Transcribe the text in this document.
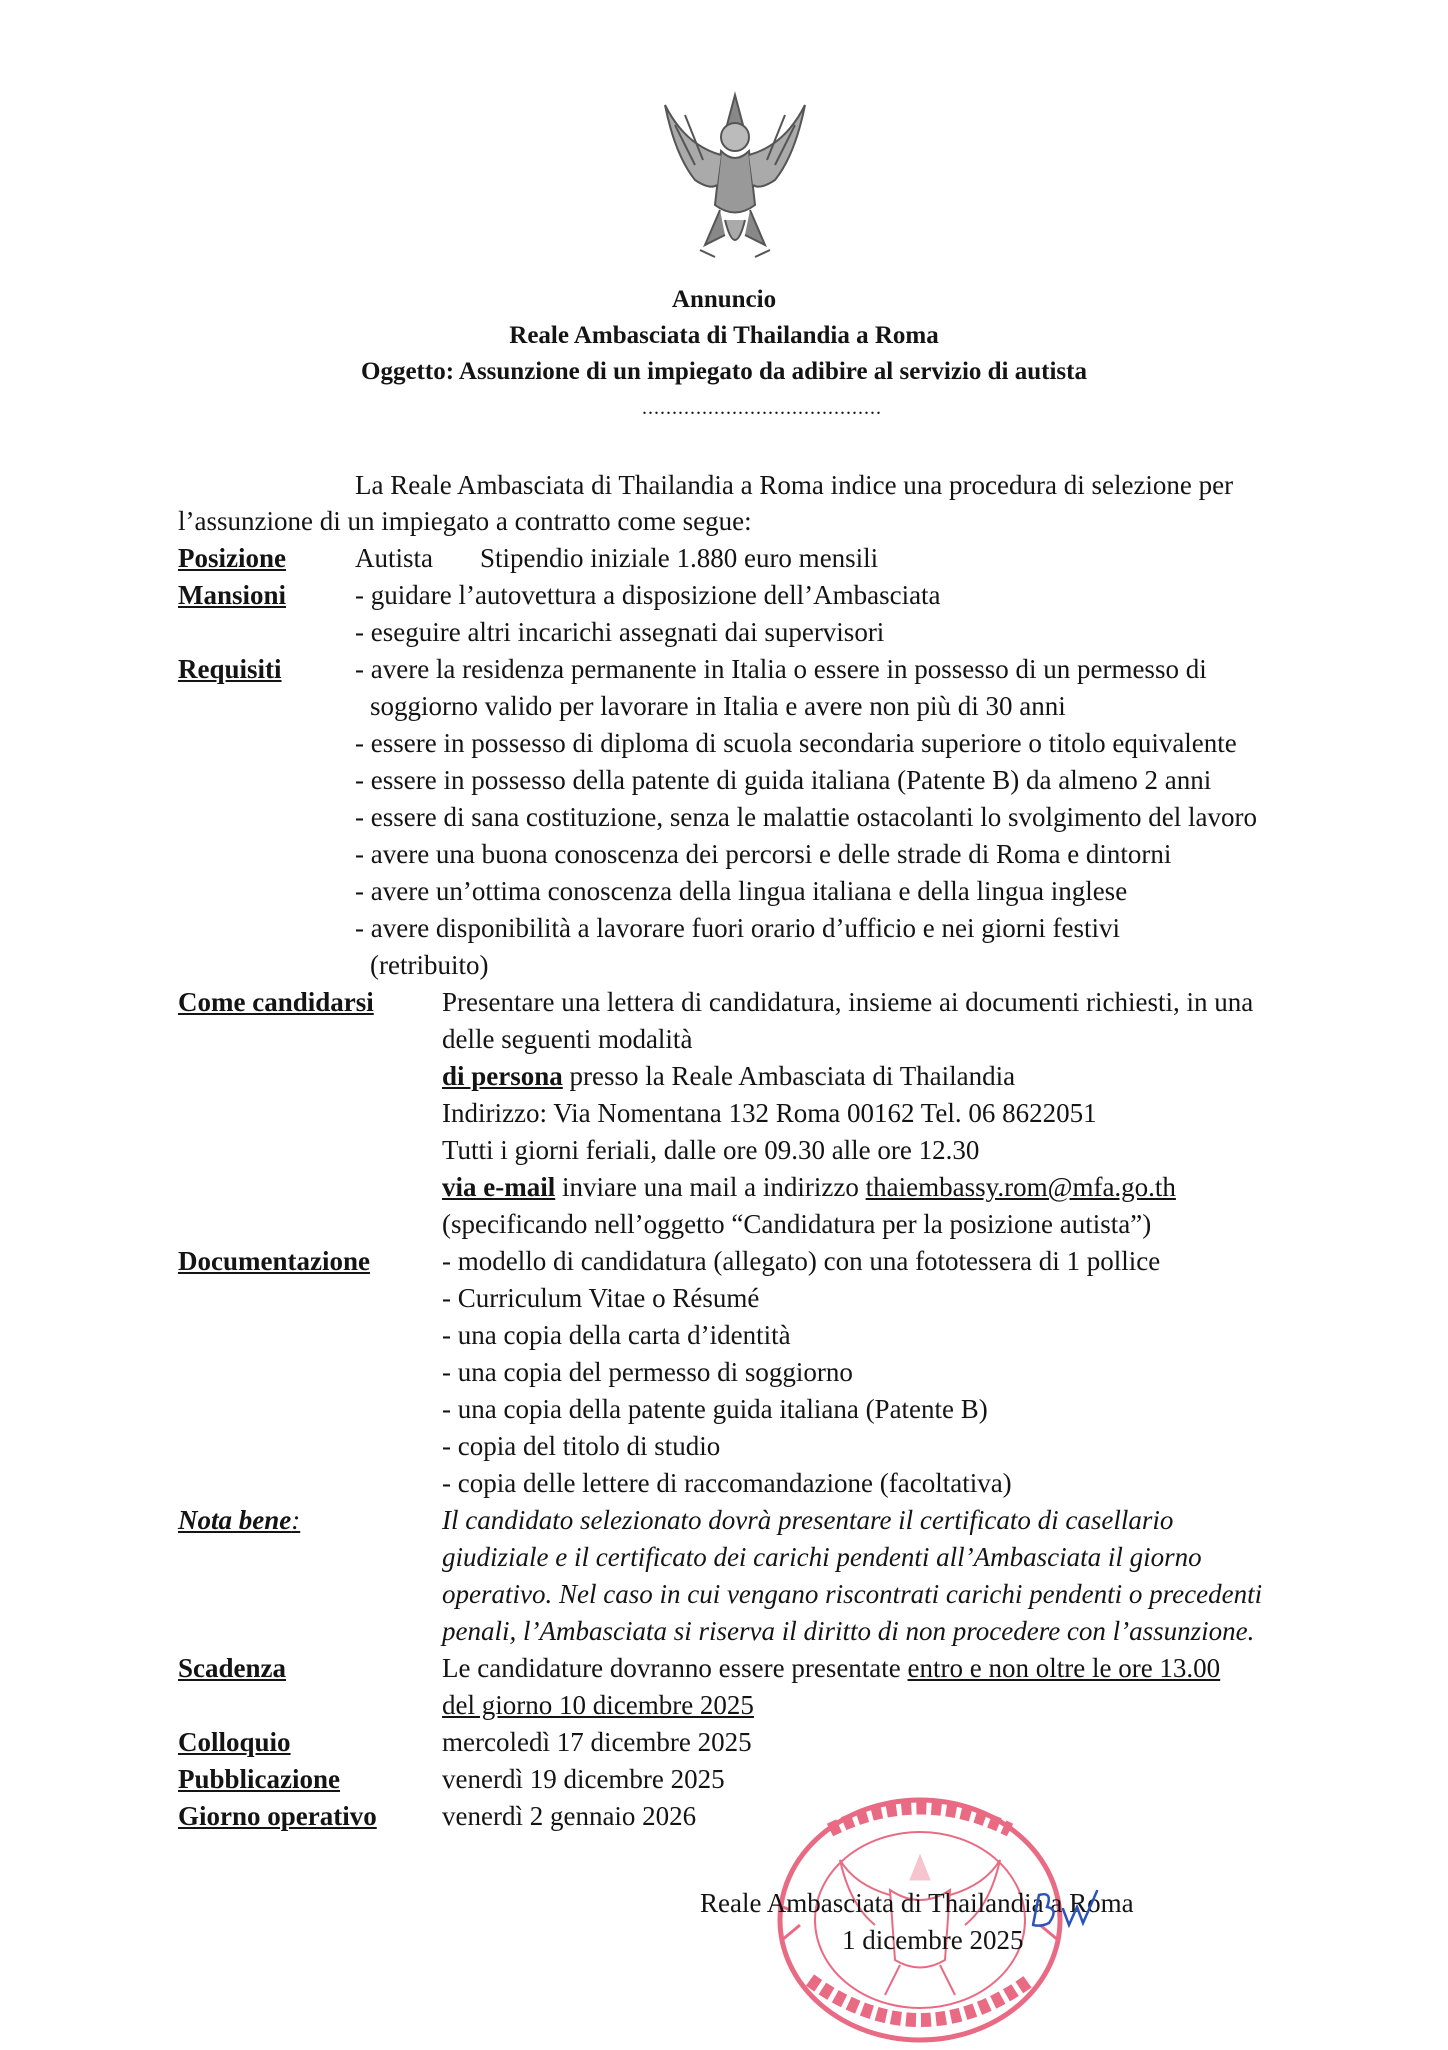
Annuncio
Reale Ambasciata di Thailandia a Roma
Oggetto: Assunzione di un impiegato da adibire al servizio di autista
........................................
La Reale Ambasciata di Thailandia a Roma indice una procedura di selezione per
l’assunzione di un impiegato a contratto come segue:
Posizione	Autista Stipendio iniziale 1.880 euro mensili
Mansioni	- guidare l’autovettura a disposizione dell’Ambasciata
- eseguire altri incarichi assegnati dai supervisori
Requisiti	- avere la residenza permanente in Italia o essere in possesso di un permesso di
soggiorno valido per lavorare in Italia e avere non più di 30 anni
- essere in possesso di diploma di scuola secondaria superiore o titolo equivalente
- essere in possesso della patente di guida italiana (Patente B) da almeno 2 anni
- essere di sana costituzione, senza le malattie ostacolanti lo svolgimento del lavoro
- avere una buona conoscenza dei percorsi e delle strade di Roma e dintorni
- avere un’ottima conoscenza della lingua italiana e della lingua inglese
- avere disponibilità a lavorare fuori orario d’ufficio e nei giorni festivi
(retribuito)
Come candidarsi	Presentare una lettera di candidatura, insieme ai documenti richiesti, in una
delle seguenti modalità
di persona presso la Reale Ambasciata di Thailandia
Indirizzo: Via Nomentana 132 Roma 00162 Tel. 06 8622051
Tutti i giorni feriali, dalle ore 09.30 alle ore 12.30
via e-mail inviare una mail a indirizzo thaiembassy.rom@mfa.go.th
(specificando nell’oggetto “Candidatura per la posizione autista”)
Documentazione	- modello di candidatura (allegato) con una fototessera di 1 pollice
- Curriculum Vitae o Résumé
- una copia della carta d’identità
- una copia del permesso di soggiorno
- una copia della patente guida italiana (Patente B)
- copia del titolo di studio
- copia delle lettere di raccomandazione (facoltativa)
Nota bene:	Il candidato selezionato dovrà presentare il certificato di casellario
giudiziale e il certificato dei carichi pendenti all’Ambasciata il giorno
operativo. Nel caso in cui vengano riscontrati carichi pendenti o precedenti
penali, l’Ambasciata si riserva il diritto di non procedere con l’assunzione.
Scadenza	Le candidature dovranno essere presentate entro e non oltre le ore 13.00
del giorno 10 dicembre 2025
Colloquio	mercoledì 17 dicembre 2025
Pubblicazione	venerdì 19 dicembre 2025
Giorno operativo venerdì 2 gennaio 2026
Reale Ambasciata di Thailandia a Roma
1 dicembre 2025
